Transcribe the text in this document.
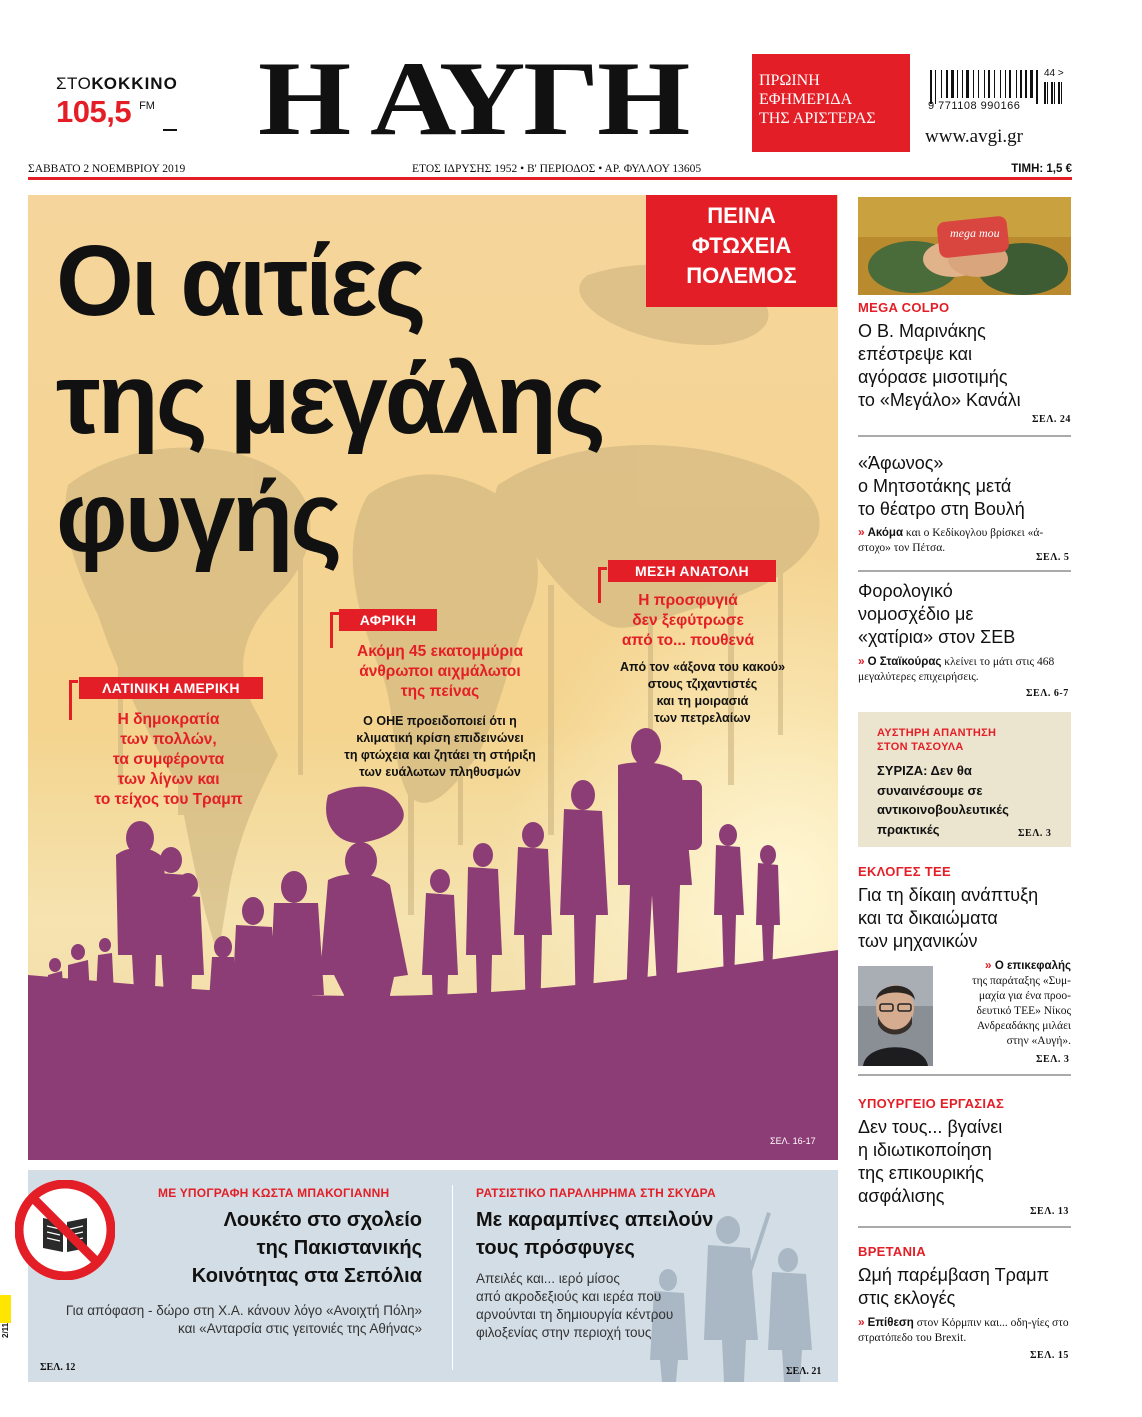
ΣΤΟΚΟΚΚΙΝΟ
105,5 FM Η ΑΥΓΗ	ΠΡΩΙΝΗ
ΕΦΗΜΕΡΙΔΑ
ΤΗΣ ΑΡΙΣΤΕΡΑΣ
9 771108 990166
44 >
www.avgi.gr
ΣΑΒΒΑΤΟ 2 ΝΟΕΜΒΡΙΟΥ 2019	ΕΤΟΣ ΙΔΡΥΣΗΣ 1952 • Β' ΠΕΡΙΟΔΟΣ • ΑΡ. ΦΥΛΛΟΥ 13605	ΤΙΜΗ: 1,5 €
Οι αιτίες
της μεγάλης
φυγής
ΠΕΙΝΑ
ΦΤΩΧΕΙΑ
ΠΟΛΕΜΟΣ
ΛΑΤΙΝΙΚΗ ΑΜΕΡΙΚΗ
Η δημοκρατία
των πολλών,
τα συμφέροντα
των λίγων και
το τείχος του Τραμπ
ΑΦΡΙΚΗ
Ακόμη 45 εκατομμύρια
άνθρωποι αιχμάλωτοι
της πείνας
Ο ΟΗΕ προειδοποιεί ότι η
κλιματική κρίση επιδεινώνει
τη φτώχεια και ζητάει τη στήριξη
των ευάλωτων πληθυσμών
ΜΕΣΗ ΑΝΑΤΟΛΗ
Η προσφυγιά
δεν ξεφύτρωσε
από το... πουθενά
Από τον «άξονα του κακού»
στους τζιχαντιστές
και τη μοιρασιά
των πετρελαίων
ΣΕΛ. 16-17
mega mou
MEGA COLPO
Ο Β. Μαρινάκης
επέστρεψε και
αγόρασε μισοτιμής
το «Μεγάλο» Κανάλι
ΣΕΛ. 24
«Άφωνος»
ο Μητσοτάκης μετά
το θέατρο στη Βουλή
» Ακόμα και ο Κεδίκογλου βρίσκει «ά-στοχο» τον Πέτσα.
ΣΕΛ. 5
Φορολογικό
νομοσχέδιο με
«χατίρια» στον ΣΕΒ
» Ο Σταϊκούρας κλείνει το μάτι στις 468 μεγαλύτερες επιχειρήσεις.
ΣΕΛ. 6-7
ΑΥΣΤΗΡΗ ΑΠΑΝΤΗΣΗ
ΣΤΟΝ ΤΑΣΟΥΛΑ
ΣΥΡΙΖΑ: Δεν θα
συναινέσουμε σε
αντικοινοβουλευτικές
πρακτικές	ΣΕΛ. 3
ΕΚΛΟΓΕΣ ΤΕΕ
Για τη δίκαιη ανάπτυξη
και τα δικαιώματα
των μηχανικών
» Ο επικεφαλής
της παράταξης «Συμ-
μαχία για ένα προο-
δευτικό ΤΕΕ» Νίκος
Ανδρεαδάκης μιλάει
στην «Αυγή».
ΣΕΛ. 3
ΥΠΟΥΡΓΕΙΟ ΕΡΓΑΣΙΑΣ
Δεν τους... βγαίνει
η ιδιωτικοποίηση
της επικουρικής
ασφάλισης
ΣΕΛ. 13
ΒΡΕΤΑΝΙΑ
Ωμή παρέμβαση Τραμπ
στις εκλογές
» Επίθεση στον Κόρμπιν και... οδη-γίες στο στρατόπεδο του Brexit.
ΣΕΛ. 15
ΜΕ ΥΠΟΓΡΑΦΗ ΚΩΣΤΑ ΜΠΑΚΟΓΙΑΝΝΗ
Λουκέτο στο σχολείο
της Πακιστανικής
Κοινότητας στα Σεπόλια
Για απόφαση - δώρο στη Χ.Α. κάνουν λόγο «Ανοιχτή Πόλη»
και «Ανταρσία στις γειτονιές της Αθήνας»
ΣΕΛ. 12
ΡΑΤΣΙΣΤΙΚΟ ΠΑΡΑΛΗΡΗΜΑ ΣΤΗ ΣΚΥΔΡΑ
Με καραμπίνες απειλούν
τους πρόσφυγες
Απειλές και... ιερό μίσος
από ακροδεξιούς και ιερέα που
αρνούνται τη δημιουργία κέντρου
φιλοξενίας στην περιοχή τους
ΣΕΛ. 21
2/11
